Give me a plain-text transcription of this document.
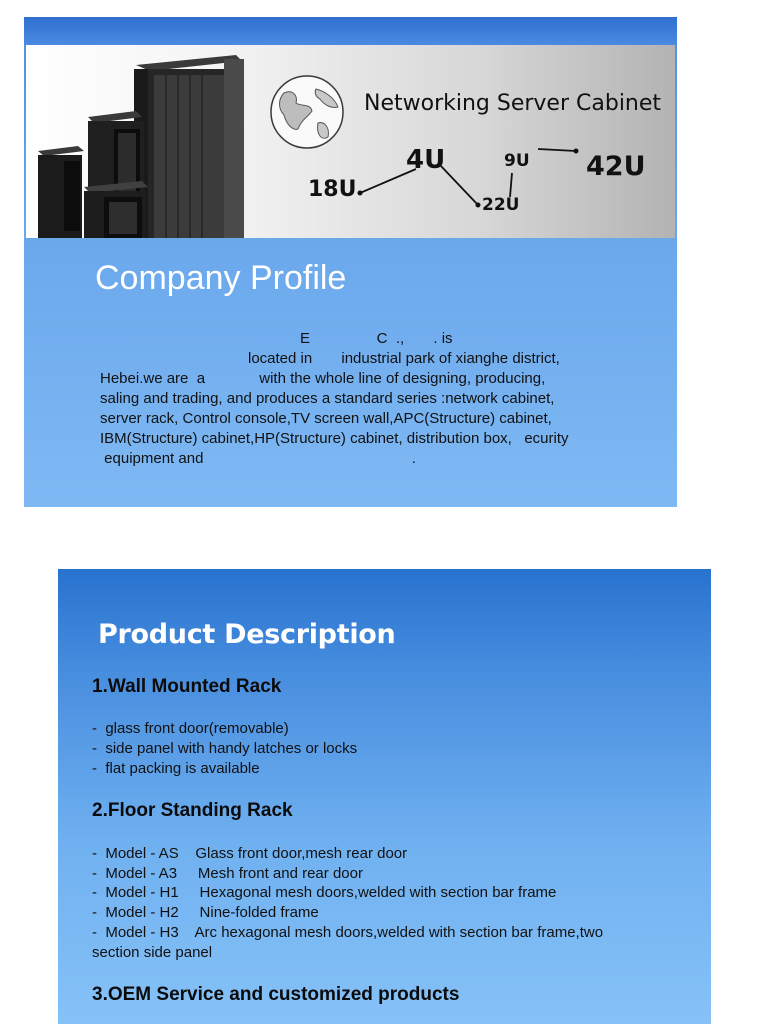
Networking Server Cabinet
4U	9U 42U
18U
22U
Company Profile
E                C  .,       . is
located in       industrial park of xianghe district,
Hebei.we are  a             with the whole line of designing, producing,
saling and trading, and produces a standard series :network cabinet,
server rack, Control console,TV screen wall,APC(Structure) cabinet,
IBM(Structure) cabinet,HP(Structure) cabinet, distribution box,   ecurity
equipment and                                                  .
Product Description
1.Wall Mounted Rack
-  glass front door(removable)
-  side panel with handy latches or locks
-  flat packing is available
2.Floor Standing Rack
-  Model - AS    Glass front door,mesh rear door
-  Model - A3     Mesh front and rear door
-  Model - H1     Hexagonal mesh doors,welded with section bar frame
-  Model - H2     Nine-folded frame
-  Model - H3    Arc hexagonal mesh doors,welded with section bar frame,two
section side panel
3.OEM Service and customized products
